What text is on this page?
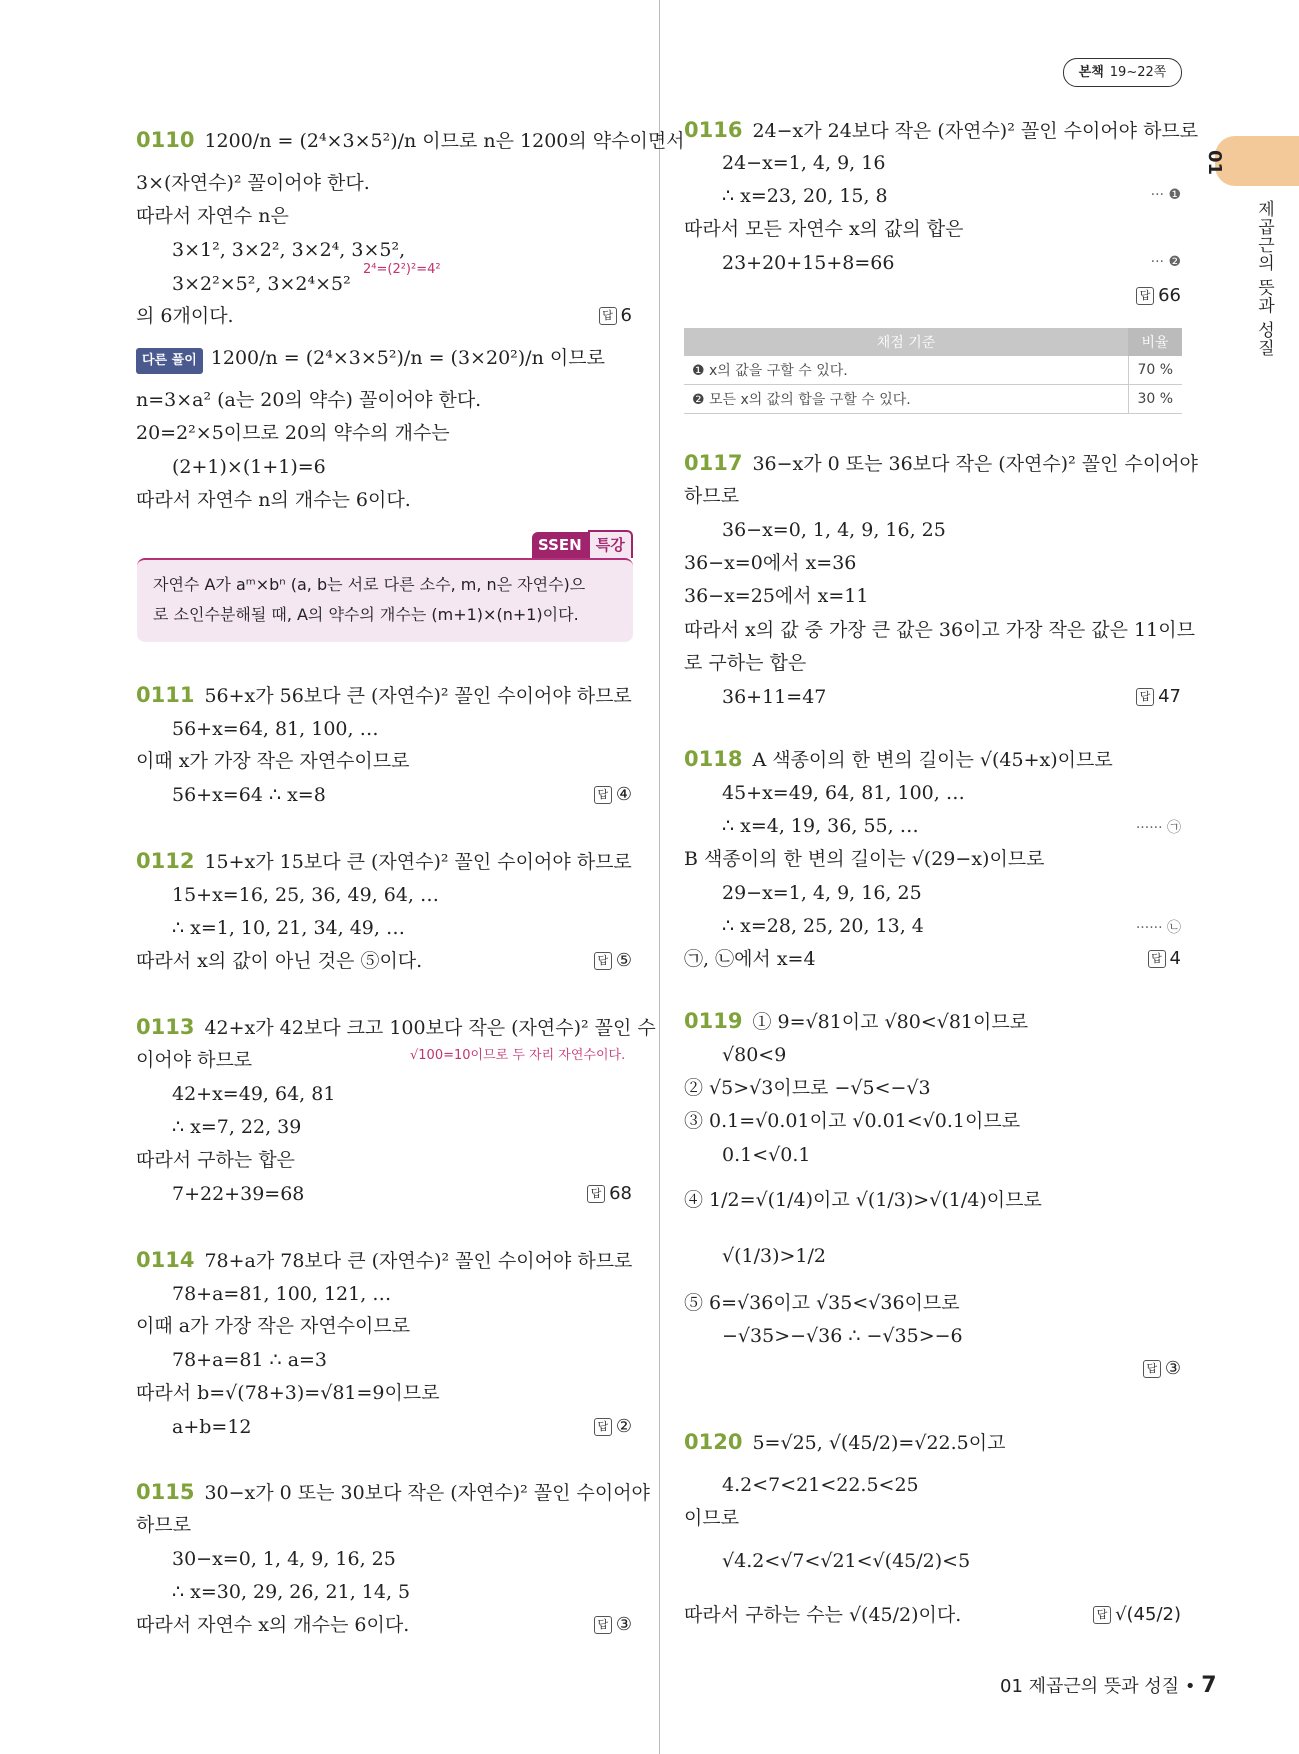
본책 19~22쪽
01
제곱근의 뜻과 성질
0110 1200/n = (2⁴×3×5²)/n 이므로 n은 1200의 약수이면서
3×(자연수)² 꼴이어야 한다.
따라서 자연수 n은
3×1², 3×2², 3×2⁴, 3×5²,
3×2²×5², 3×2⁴×5²
의 6개이다.
다른 풀이 1200/n = (2⁴×3×5²)/n = (3×20²)/n 이므로
n=3×a² (a는 20의 약수) 꼴이어야 한다.
20=2²×5이므로 20의 약수의 개수는
(2+1)×(1+1)=6
따라서 자연수 n의 개수는 6이다.
0111 56+x가 56보다 큰 (자연수)² 꼴인 수이어야 하므로
56+x=64, 81, 100, …
이때 x가 가장 작은 자연수이므로
56+x=64 ∴ x=8
0112 15+x가 15보다 큰 (자연수)² 꼴인 수이어야 하므로
15+x=16, 25, 36, 49, 64, …
∴ x=1, 10, 21, 34, 49, …
따라서 x의 값이 아닌 것은 ⑤이다.
0113 42+x가 42보다 크고 100보다 작은 (자연수)² 꼴인 수
이어야 하므로
42+x=49, 64, 81
∴ x=7, 22, 39
따라서 구하는 합은
7+22+39=68
0114 78+a가 78보다 큰 (자연수)² 꼴인 수이어야 하므로
78+a=81, 100, 121, …
이때 a가 가장 작은 자연수이므로
78+a=81 ∴ a=3
따라서 b=√(78+3)=√81=9이므로
a+b=12
0115 30−x가 0 또는 30보다 작은 (자연수)² 꼴인 수이어야
하므로
30−x=0, 1, 4, 9, 16, 25
∴ x=30, 29, 26, 21, 14, 5
따라서 자연수 x의 개수는 6이다.
답 6
답 ④
답 ⑤
답 68
답 ②
답 ③
2⁴=(2²)²=4²
√100=10이므로 두 자리 자연수이다.
0116 24−x가 24보다 작은 (자연수)² 꼴인 수이어야 하므로
24−x=1, 4, 9, 16
∴ x=23, 20, 15, 8
따라서 모든 자연수 x의 값의 합은
23+20+15+8=66
0117 36−x가 0 또는 36보다 작은 (자연수)² 꼴인 수이어야
하므로
36−x=0, 1, 4, 9, 16, 25
36−x=0에서 x=36
36−x=25에서 x=11
따라서 x의 값 중 가장 큰 값은 36이고 가장 작은 값은 11이므
로 구하는 합은
36+11=47
0118 A 색종이의 한 변의 길이는 √(45+x)이므로
45+x=49, 64, 81, 100, …
∴ x=4, 19, 36, 55, …
B 색종이의 한 변의 길이는 √(29−x)이므로
29−x=1, 4, 9, 16, 25
∴ x=28, 25, 20, 13, 4
㉠, ㉡에서 x=4
0119 ① 9=√81이고 √80<√81이므로
√80<9
② √5>√3이므로 −√5<−√3
③ 0.1=√0.01이고 √0.01<√0.1이므로
0.1<√0.1
④ 1/2=√(1/4)이고 √(1/3)>√(1/4)이므로
√(1/3)>1/2
⑤ 6=√36이고 √35<√36이므로
−√35>−√36 ∴ −√35>−6
0120 5=√25, √(45/2)=√22.5이고
4.2<7<21<22.5<25
이므로
√4.2<√7<√21<√(45/2)<5
따라서 구하는 수는 √(45/2)이다.
답 66
답 47
답 4
답 ③
답 √(45/2)
··· ❶
··· ❷
······ ㉠
······ ㉡
SSEN 특강
자연수 A가 aᵐ×bⁿ (a, b는 서로 다른 소수, m, n은 자연수)으
로 소인수분해될 때, A의 약수의 개수는 (m+1)×(n+1)이다.
채점 기준	비율
❶ x의 값을 구할 수 있다.	70 %
❷ 모든 x의 값의 합을 구할 수 있다.	30 %
01 제곱근의 뜻과 성질 • 7
